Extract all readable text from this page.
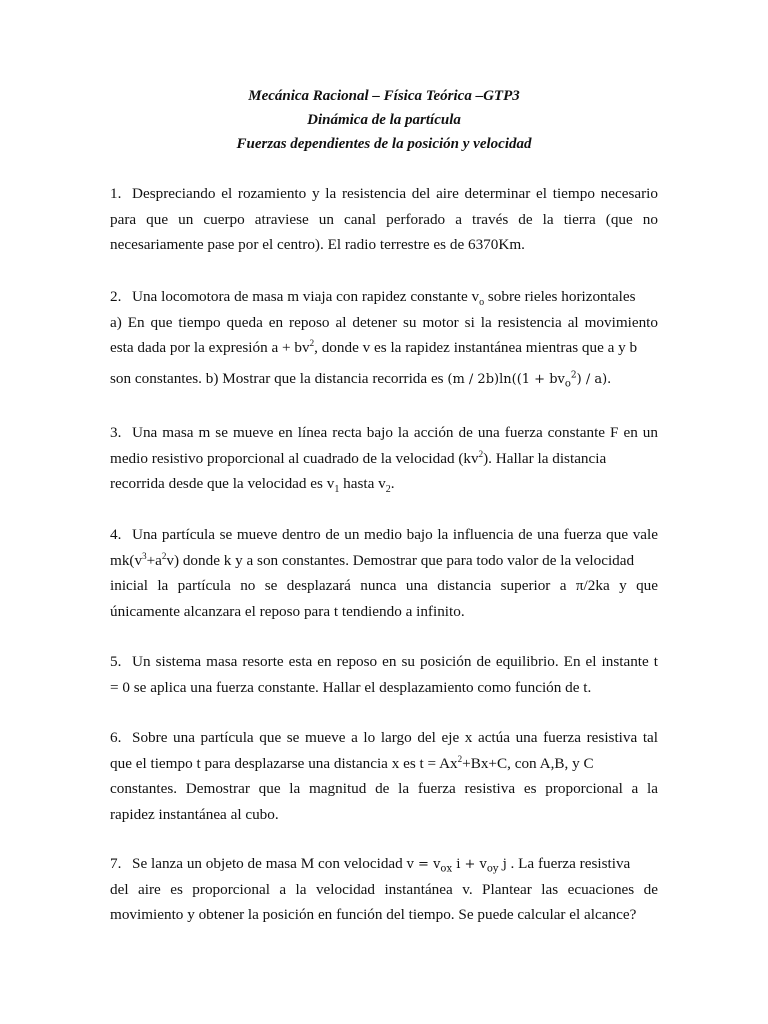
Mecánica Racional – Física Teórica –GTP3
Dinámica de la partícula
Fuerzas dependientes de la posición y velocidad
1. Despreciando el rozamiento y la resistencia del aire determinar el tiempo necesario
para que un cuerpo atraviese un canal perforado a través de la tierra (que no
necesariamente pase por el centro). El radio terrestre es de 6370Km.
2. Una locomotora de masa m viaja con rapidez constante $v_o$ sobre rieles horizontales
a) En que tiempo queda en reposo al detener su motor si la resistencia al movimiento
esta dada por la expresión $a + bv^2$, donde v es la rapidez instantánea mientras que a y b
son constantes. b) Mostrar que la distancia recorrida es $(m / 2b)\ln((1 + bv_o^2) / a)$.
3. Una masa m se mueve en línea recta bajo la acción de una fuerza constante F en un
medio resistivo proporcional al cuadrado de la velocidad $(kv^2)$. Hallar la distancia
recorrida desde que la velocidad es $v_1$ hasta $v_2$.
4. Una partícula se mueve dentro de un medio bajo la influencia de una fuerza que vale
$mk(v^3+a^2v)$ donde k y a son constantes. Demostrar que para todo valor de la velocidad
inicial la partícula no se desplazará nunca una distancia superior a π/2ka y que
únicamente alcanzara el reposo para t tendiendo a infinito.
5. Un sistema masa resorte esta en reposo en su posición de equilibrio. En el instante t
= 0 se aplica una fuerza constante. Hallar el desplazamiento como función de t.
6. Sobre una partícula que se mueve a lo largo del eje x actúa una fuerza resistiva tal
que el tiempo t para desplazarse una distancia x es $t = Ax^2+Bx+C$, con A,B, y C
constantes. Demostrar que la magnitud de la fuerza resistiva es proporcional a la
rapidez instantánea al cubo.
7. Se lanza un objeto de masa M con velocidad $v = v_{ox}$ $i + v_{oy}$ j . La fuerza resistiva
del aire es proporcional a la velocidad instantánea v. Plantear las ecuaciones de
movimiento y obtener la posición en función del tiempo. Se puede calcular el alcance?
